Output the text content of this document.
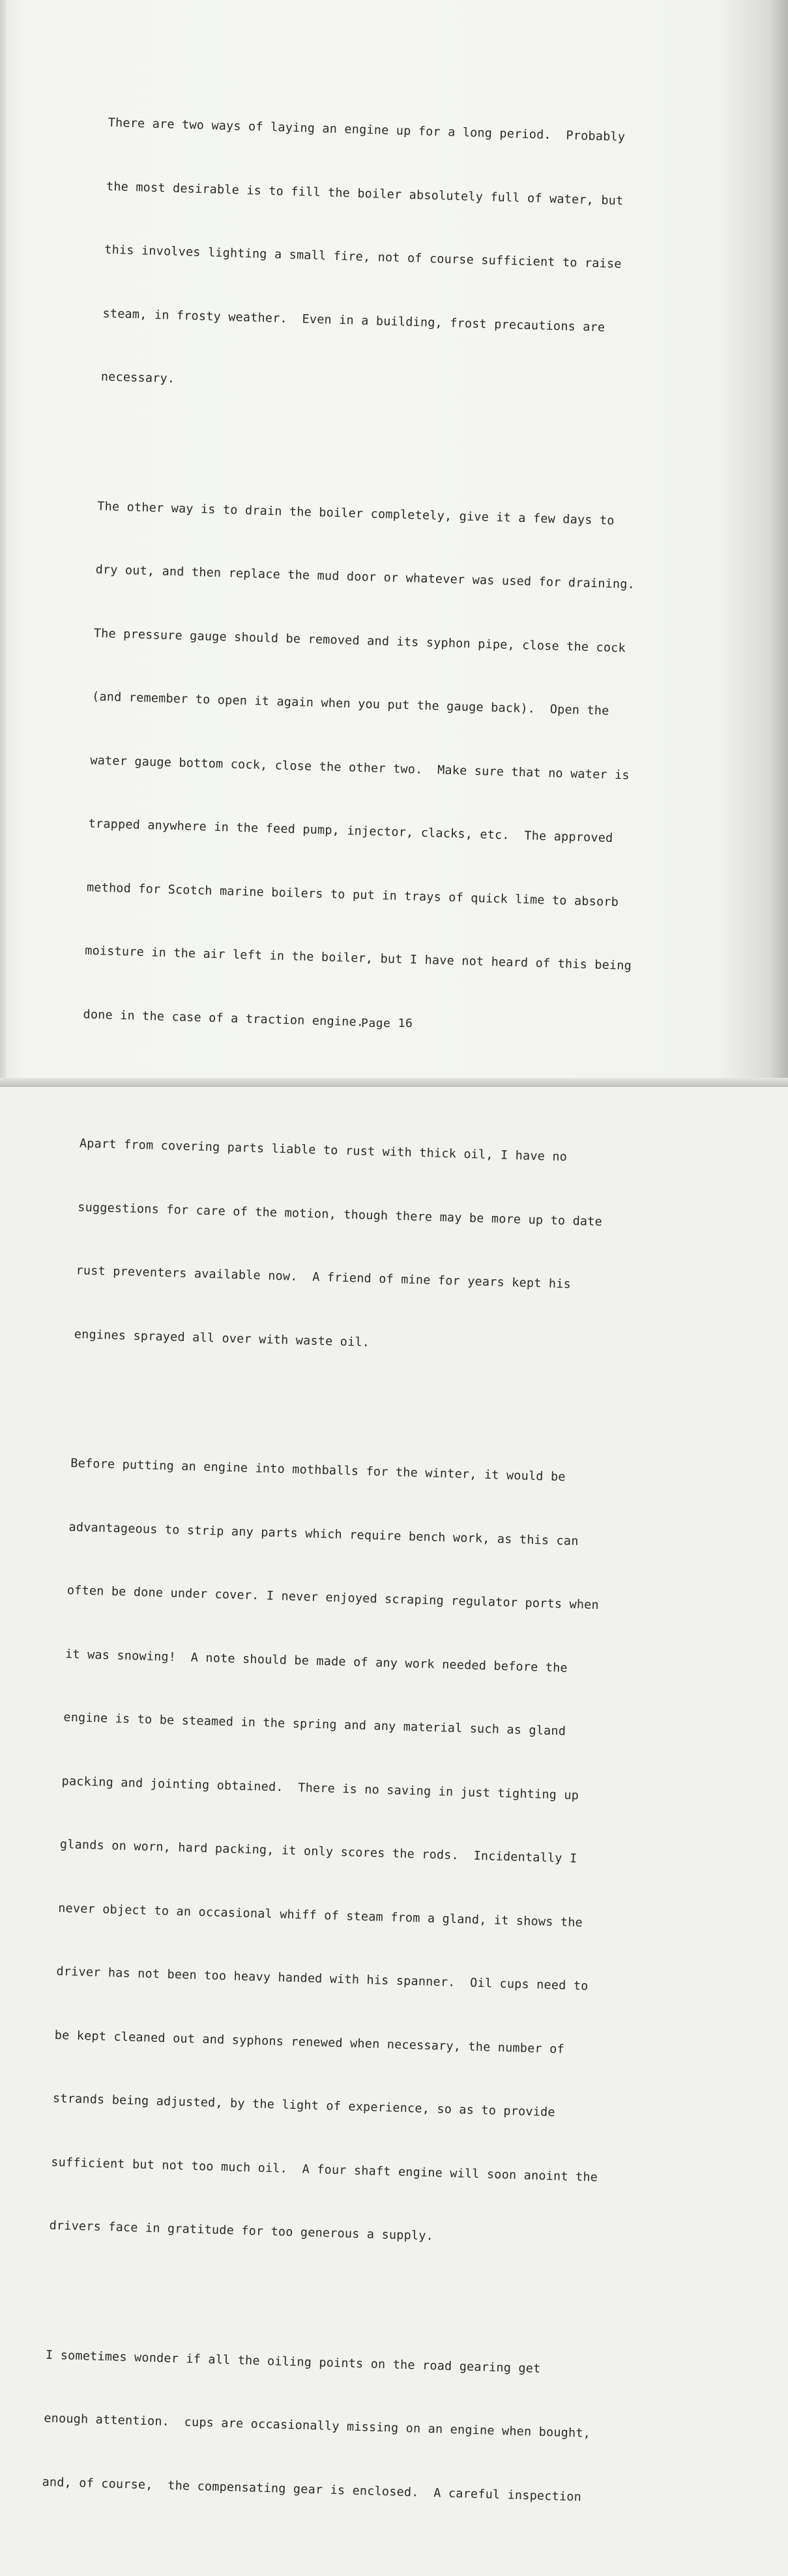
There are two ways of laying an engine up for a long period.  Probably

the most desirable is to fill the boiler absolutely full of water, but

this involves lighting a small fire, not of course sufficient to raise

steam, in frosty weather.  Even in a building, frost precautions are

necessary.

The other way is to drain the boiler completely, give it a few days to

dry out, and then replace the mud door or whatever was used for draining.

The pressure gauge should be removed and its syphon pipe, close the cock

(and remember to open it again when you put the gauge back).  Open the

water gauge bottom cock, close the other two.  Make sure that no water is

trapped anywhere in the feed pump, injector, clacks, etc.  The approved

method for Scotch marine boilers to put in trays of quick lime to absorb

moisture in the air left in the boiler, but I have not heard of this being

done in the case of a traction engine.

Apart from covering parts liable to rust with thick oil, I have no

suggestions for care of the motion, though there may be more up to date

rust preventers available now.  A friend of mine for years kept his

engines sprayed all over with waste oil.

Before putting an engine into mothballs for the winter, it would be

advantageous to strip any parts which require bench work, as this can

often be done under cover. I never enjoyed scraping regulator ports when

it was snowing!  A note should be made of any work needed before the

engine is to be steamed in the spring and any material such as gland

packing and jointing obtained.  There is no saving in just tighting up

glands on worn, hard packing, it only scores the rods.  Incidentally I

never object to an occasional whiff of steam from a gland, it shows the

driver has not been too heavy handed with his spanner.  Oil cups need to

be kept cleaned out and syphons renewed when necessary, the number of

strands being adjusted, by the light of experience, so as to provide

sufficient but not too much oil.  A four shaft engine will soon anoint the

drivers face in gratitude for too generous a supply.

I sometimes wonder if all the oiling points on the road gearing get

enough attention.  cups are occasionally missing on an engine when bought,

and, of course,  the compensating gear is enclosed.  A careful inspection

Page 16
